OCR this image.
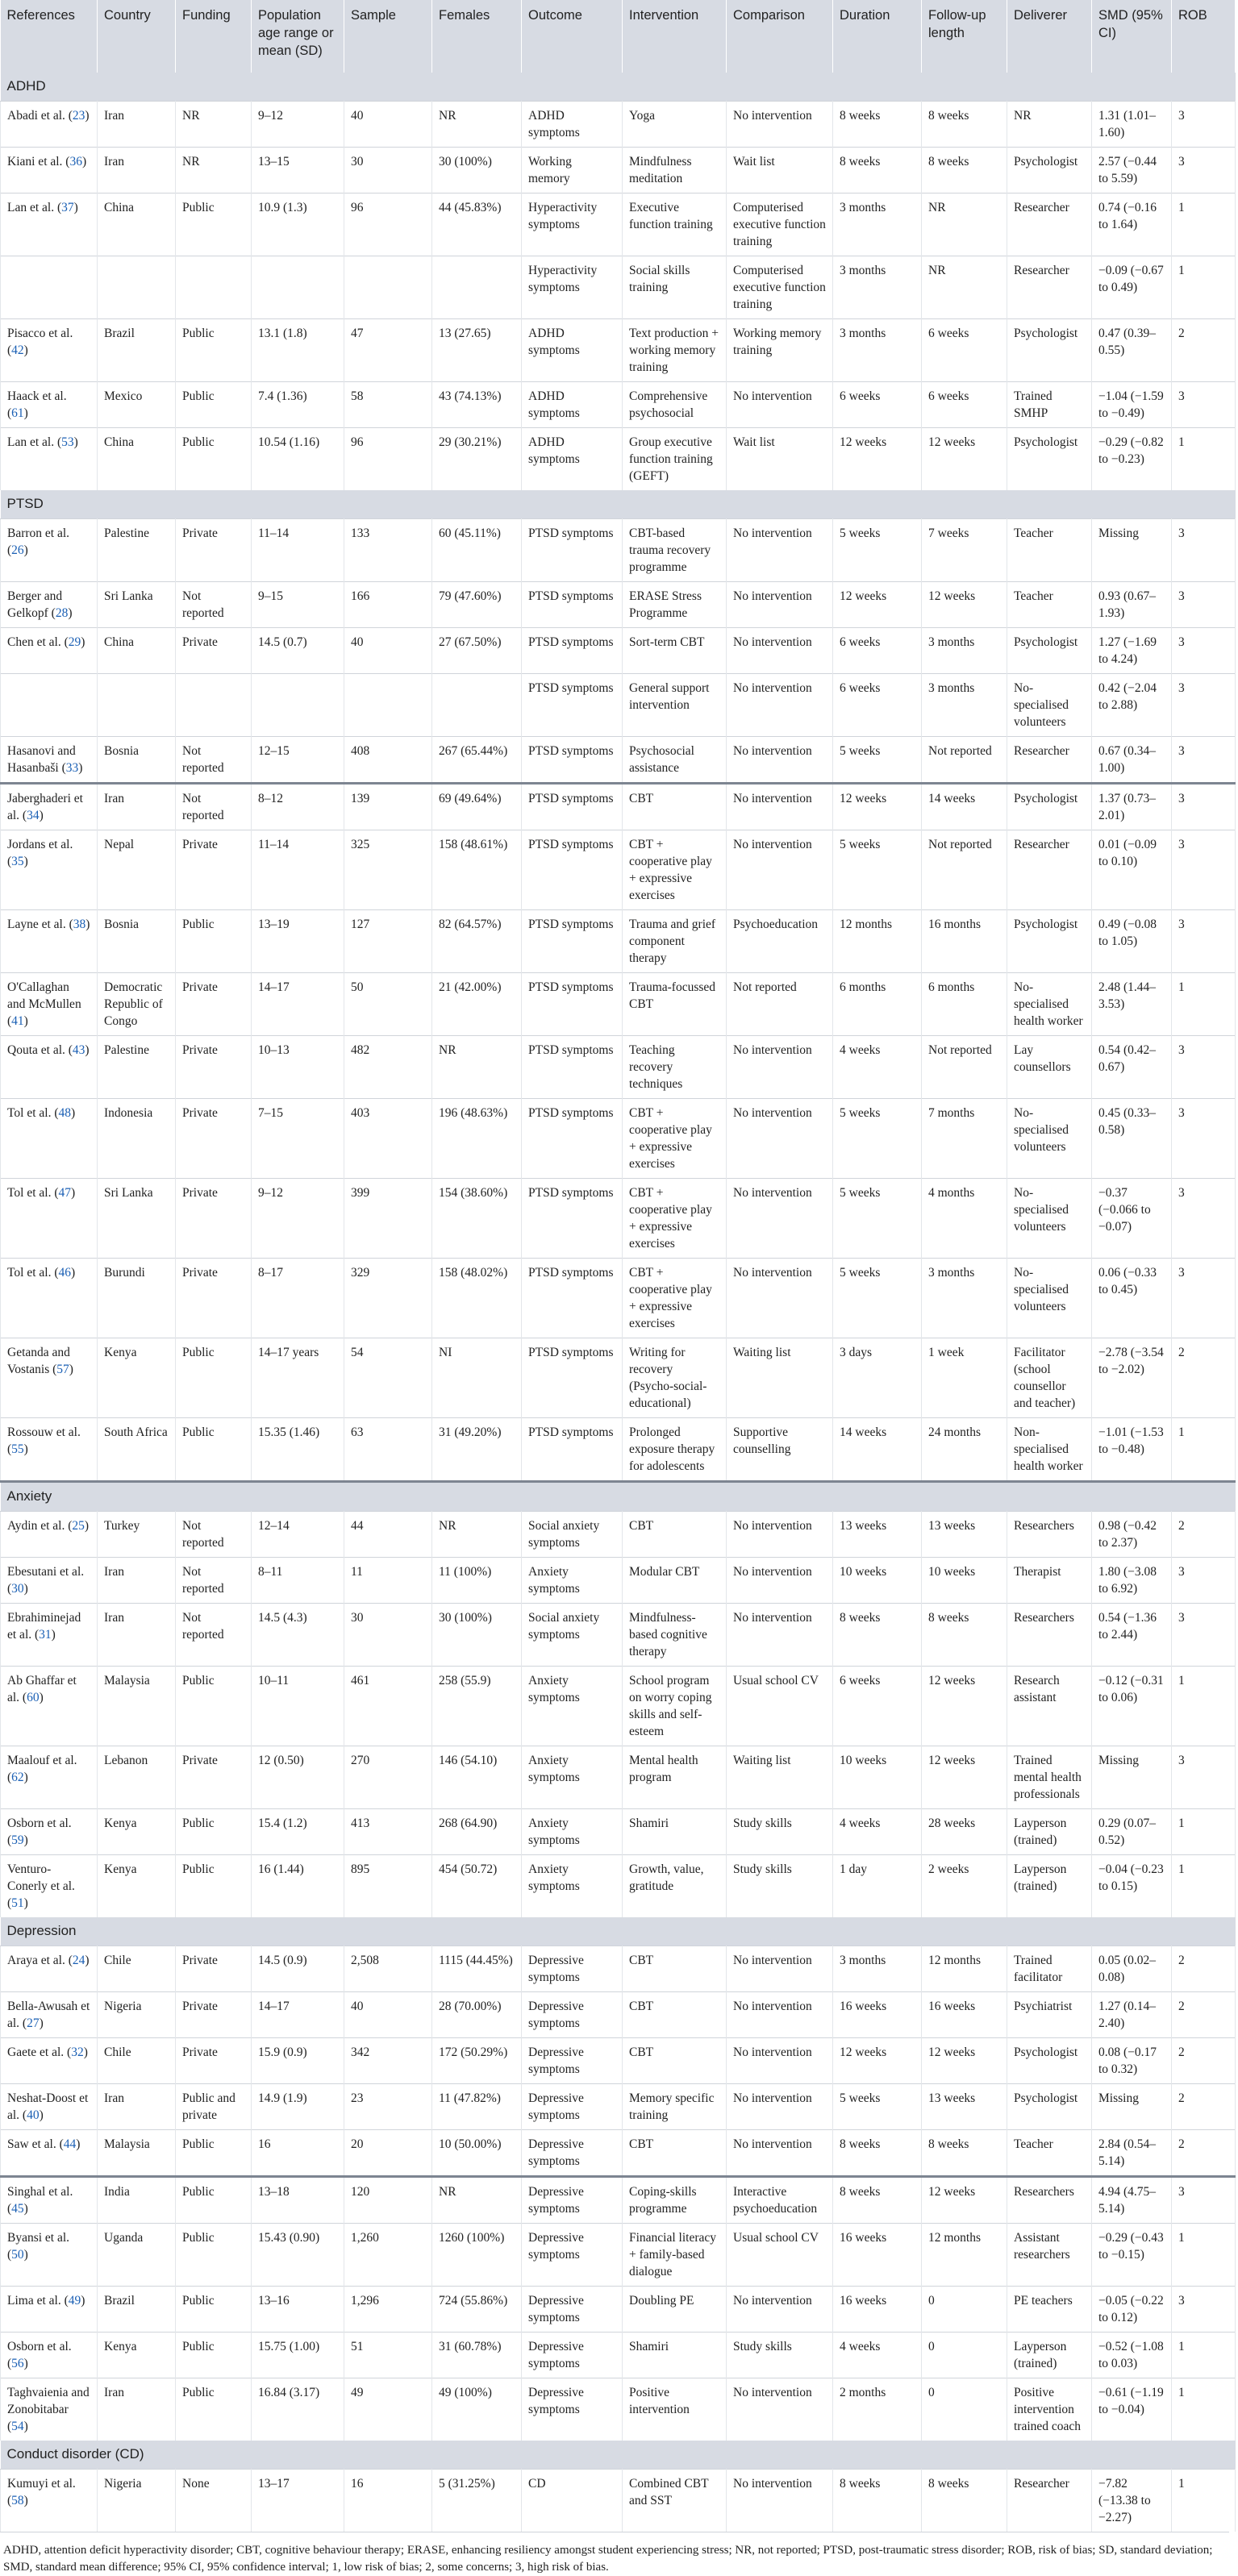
References	Country	Funding	Population age range or mean (SD)	Sample	Females	Outcome	Intervention	Comparison	Duration	Follow-up length	Deliverer	SMD (95% CI)	ROB
ADHD													
Abadi et al. (23)	Iran	NR	9–12	40	NR	ADHD symptoms	Yoga	No intervention	8 weeks	8 weeks	NR	1.31 (1.01–1.60)	3
Kiani et al. (36)	Iran	NR	13–15	30	30 (100%)	Working memory	Mindfulness meditation	Wait list	8 weeks	8 weeks	Psychologist	2.57 (−0.44 to 5.59)	3
Lan et al. (37)	China	Public	10.9 (1.3)	96	44 (45.83%)	Hyperactivity symptoms	Executive function training	Computerised executive function training	3 months	NR	Researcher	0.74 (−0.16 to 1.64)	1
						Hyperactivity symptoms	Social skills training	Computerised executive function training	3 months	NR	Researcher	−0.09 (−0.67 to 0.49)	1
Pisacco et al. (42)	Brazil	Public	13.1 (1.8)	47	13 (27.65)	ADHD symptoms	Text production + working memory training	Working memory training	3 months	6 weeks	Psychologist	0.47 (0.39–0.55)	2
Haack et al. (61)	Mexico	Public	7.4 (1.36)	58	43 (74.13%)	ADHD symptoms	Comprehensive psychosocial	No intervention	6 weeks	6 weeks	Trained SMHP	−1.04 (−1.59 to −0.49)	3
Lan et al. (53)	China	Public	10.54 (1.16)	96	29 (30.21%)	ADHD symptoms	Group executive function training (GEFT)	Wait list	12 weeks	12 weeks	Psychologist	−0.29 (−0.82 to −0.23)	1
PTSD													
Barron et al. (26)	Palestine	Private	11–14	133	60 (45.11%)	PTSD symptoms	CBT-based trauma recovery programme	No intervention	5 weeks	7 weeks	Teacher	Missing	3
Berger and Gelkopf (28)	Sri Lanka	Not reported	9–15	166	79 (47.60%)	PTSD symptoms	ERASE Stress Programme	No intervention	12 weeks	12 weeks	Teacher	0.93 (0.67–1.93)	3
Chen et al. (29)	China	Private	14.5 (0.7)	40	27 (67.50%)	PTSD symptoms	Sort-term CBT	No intervention	6 weeks	3 months	Psychologist	1.27 (−1.69 to 4.24)	3
						PTSD symptoms	General support intervention	No intervention	6 weeks	3 months	No-specialised volunteers	0.42 (−2.04 to 2.88)	3
Hasanovi and Hasanbaši (33)	Bosnia	Not reported	12–15	408	267 (65.44%)	PTSD symptoms	Psychosocial assistance	No intervention	5 weeks	Not reported	Researcher	0.67 (0.34–1.00)	3
Jaberghaderi et al. (34)	Iran	Not reported	8–12	139	69 (49.64%)	PTSD symptoms	CBT	No intervention	12 weeks	14 weeks	Psychologist	1.37 (0.73–2.01)	3
Jordans et al. (35)	Nepal	Private	11–14	325	158 (48.61%)	PTSD symptoms	CBT + cooperative play + expressive exercises	No intervention	5 weeks	Not reported	Researcher	0.01 (−0.09 to 0.10)	3
Layne et al. (38)	Bosnia	Public	13–19	127	82 (64.57%)	PTSD symptoms	Trauma and grief component therapy	Psychoeducation	12 months	16 months	Psychologist	0.49 (−0.08 to 1.05)	3
O'Callaghan and McMullen (41)	Democratic Republic of Congo	Private	14–17	50	21 (42.00%)	PTSD symptoms	Trauma-focussed CBT	Not reported	6 months	6 months	No-specialised health worker	2.48 (1.44–3.53)	1
Qouta et al. (43)	Palestine	Private	10–13	482	NR	PTSD symptoms	Teaching recovery techniques	No intervention	4 weeks	Not reported	Lay counsellors	0.54 (0.42–0.67)	3
Tol et al. (48)	Indonesia	Private	7–15	403	196 (48.63%)	PTSD symptoms	CBT + cooperative play + expressive exercises	No intervention	5 weeks	7 months	No-specialised volunteers	0.45 (0.33–0.58)	3
Tol et al. (47)	Sri Lanka	Private	9–12	399	154 (38.60%)	PTSD symptoms	CBT + cooperative play + expressive exercises	No intervention	5 weeks	4 months	No-specialised volunteers	−0.37 (−0.066 to −0.07)	3
Tol et al. (46)	Burundi	Private	8–17	329	158 (48.02%)	PTSD symptoms	CBT + cooperative play + expressive exercises	No intervention	5 weeks	3 months	No-specialised volunteers	0.06 (−0.33 to 0.45)	3
Getanda and Vostanis (57)	Kenya	Public	14–17 years	54	NI	PTSD symptoms	Writing for recovery (Psycho-social-educational)	Waiting list	3 days	1 week	Facilitator (school counsellor and teacher)	−2.78 (−3.54 to −2.02)	2
Rossouw et al. (55)	South Africa	Public	15.35 (1.46)	63	31 (49.20%)	PTSD symptoms	Prolonged exposure therapy for adolescents	Supportive counselling	14 weeks	24 months	Non-specialised health worker	−1.01 (−1.53 to −0.48)	1
Anxiety													
Aydin et al. (25)	Turkey	Not reported	12–14	44	NR	Social anxiety symptoms	CBT	No intervention	13 weeks	13 weeks	Researchers	0.98 (−0.42 to 2.37)	2
Ebesutani et al. (30)	Iran	Not reported	8–11	11	11 (100%)	Anxiety symptoms	Modular CBT	No intervention	10 weeks	10 weeks	Therapist	1.80 (−3.08 to 6.92)	3
Ebrahiminejad et al. (31)	Iran	Not reported	14.5 (4.3)	30	30 (100%)	Social anxiety symptoms	Mindfulness-based cognitive therapy	No intervention	8 weeks	8 weeks	Researchers	0.54 (−1.36 to 2.44)	3
Ab Ghaffar et al. (60)	Malaysia	Public	10–11	461	258 (55.9)	Anxiety symptoms	School program on worry coping skills and self-esteem	Usual school CV	6 weeks	12 weeks	Research assistant	−0.12 (−0.31 to 0.06)	1
Maalouf et al. (62)	Lebanon	Private	12 (0.50)	270	146 (54.10)	Anxiety symptoms	Mental health program	Waiting list	10 weeks	12 weeks	Trained mental health professionals	Missing	3
Osborn et al. (59)	Kenya	Public	15.4 (1.2)	413	268 (64.90)	Anxiety symptoms	Shamiri	Study skills	4 weeks	28 weeks	Layperson (trained)	0.29 (0.07–0.52)	1
Venturo-Conerly et al. (51)	Kenya	Public	16 (1.44)	895	454 (50.72)	Anxiety symptoms	Growth, value, gratitude	Study skills	1 day	2 weeks	Layperson (trained)	−0.04 (−0.23 to 0.15)	1
Depression													
Araya et al. (24)	Chile	Private	14.5 (0.9)	2,508	1115 (44.45%)	Depressive symptoms	CBT	No intervention	3 months	12 months	Trained facilitator	0.05 (0.02–0.08)	2
Bella-Awusah et al. (27)	Nigeria	Private	14–17	40	28 (70.00%)	Depressive symptoms	CBT	No intervention	16 weeks	16 weeks	Psychiatrist	1.27 (0.14–2.40)	2
Gaete et al. (32)	Chile	Private	15.9 (0.9)	342	172 (50.29%)	Depressive symptoms	CBT	No intervention	12 weeks	12 weeks	Psychologist	0.08 (−0.17 to 0.32)	2
Neshat-Doost et al. (40)	Iran	Public and private	14.9 (1.9)	23	11 (47.82%)	Depressive symptoms	Memory specific training	No intervention	5 weeks	13 weeks	Psychologist	Missing	2
Saw et al. (44)	Malaysia	Public	16	20	10 (50.00%)	Depressive symptoms	CBT	No intervention	8 weeks	8 weeks	Teacher	2.84 (0.54–5.14)	2
Singhal et al. (45)	India	Public	13–18	120	NR	Depressive symptoms	Coping-skills programme	Interactive psychoeducation	8 weeks	12 weeks	Researchers	4.94 (4.75–5.14)	3
Byansi et al. (50)	Uganda	Public	15.43 (0.90)	1,260	1260 (100%)	Depressive symptoms	Financial literacy + family-based dialogue	Usual school CV	16 weeks	12 months	Assistant researchers	−0.29 (−0.43 to −0.15)	1
Lima et al. (49)	Brazil	Public	13–16	1,296	724 (55.86%)	Depressive symptoms	Doubling PE	No intervention	16 weeks	0	PE teachers	−0.05 (−0.22 to 0.12)	3
Osborn et al. (56)	Kenya	Public	15.75 (1.00)	51	31 (60.78%)	Depressive symptoms	Shamiri	Study skills	4 weeks	0	Layperson (trained)	−0.52 (−1.08 to 0.03)	1
Taghvaienia and Zonobitabar (54)	Iran	Public	16.84 (3.17)	49	49 (100%)	Depressive symptoms	Positive intervention	No intervention	2 months	0	Positive intervention trained coach	−0.61 (−1.19 to −0.04)	1
Conduct disorder (CD)													
Kumuyi et al. (58)	Nigeria	None	13–17	16	5 (31.25%)	CD	Combined CBT and SST	No intervention	8 weeks	8 weeks	Researcher	−7.82 (−13.38 to −2.27)	1
ADHD, attention deficit hyperactivity disorder; CBT, cognitive behaviour therapy; ERASE, enhancing resiliency amongst student experiencing stress; NR, not reported; PTSD, post-traumatic stress disorder; ROB, risk of bias; SD, standard deviation; SMD, standard mean difference; 95% CI, 95% confidence interval; 1, low risk of bias; 2, some concerns; 3, high risk of bias.
